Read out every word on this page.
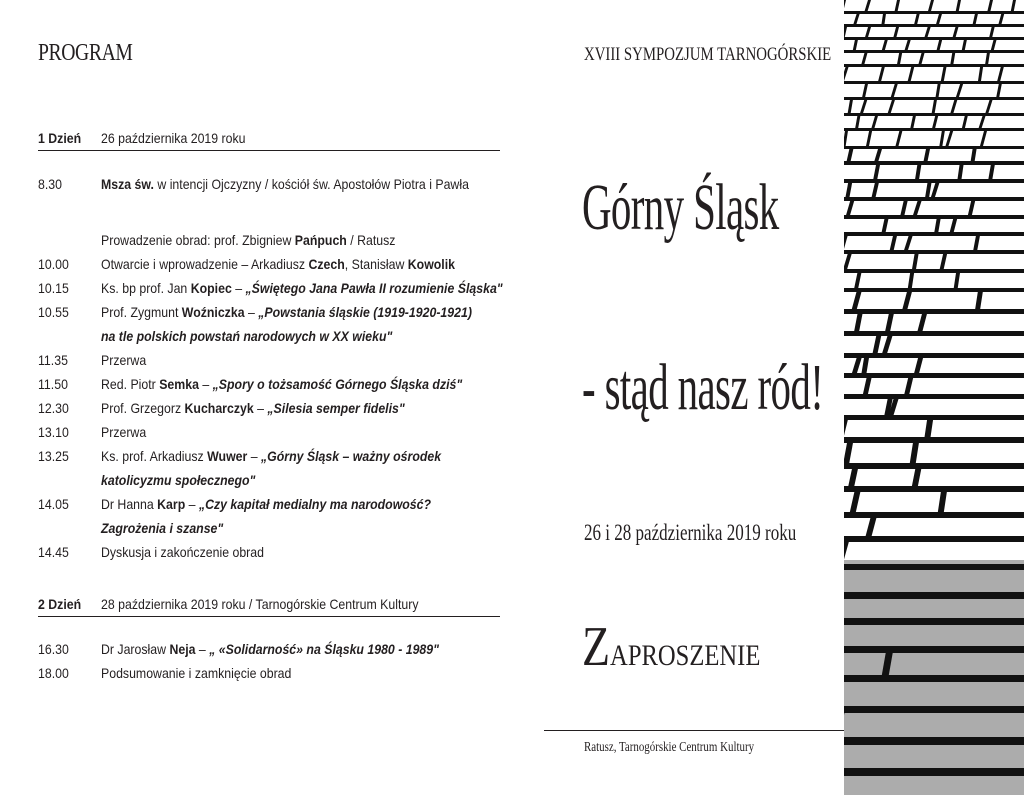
PROGRAM
1 Dzień 26 października 2019 roku
8.30	Msza św. w intencji Ojczyzny / kościół św. Apostołów Piotra i Pawła
Prowadzenie obrad: prof. Zbigniew Pańpuch / Ratusz
10.00 Otwarcie i wprowadzenie – Arkadiusz Czech, Stanisław Kowolik
10.15 Ks. bp prof. Jan Kopiec – „Świętego Jana Pawła II rozumienie Śląska"
10.55 Prof. Zygmunt Woźniczka – „Powstania śląskie (1919-1920-1921)
na tle polskich powstań narodowych w XX wieku"
11.35 Przerwa
11.50 Red. Piotr Semka – „Spory o tożsamość Górnego Śląska dziś"
12.30 Prof. Grzegorz Kucharczyk – „Silesia semper fidelis"
13.10 Przerwa
13.25 Ks. prof. Arkadiusz Wuwer – „Górny Śląsk – ważny ośrodek
katolicyzmu społecznego"
14.05 Dr Hanna Karp – „Czy kapitał medialny ma narodowość?
Zagrożenia i szanse"
14.45 Dyskusja i zakończenie obrad
2 Dzień 28 października 2019 roku / Tarnogórskie Centrum Kultury
16.30 Dr Jarosław Neja – „ «Solidarność» na Śląsku 1980 - 1989"
18.00 Podsumowanie i zamknięcie obrad
XVIII SYMPOZJUM TARNOGÓRSKIE
Górny Śląsk
- stąd nasz ród!
26 i 28 października 2019 roku
ZAPROSZENIE
Ratusz, Tarnogórskie Centrum Kultury
